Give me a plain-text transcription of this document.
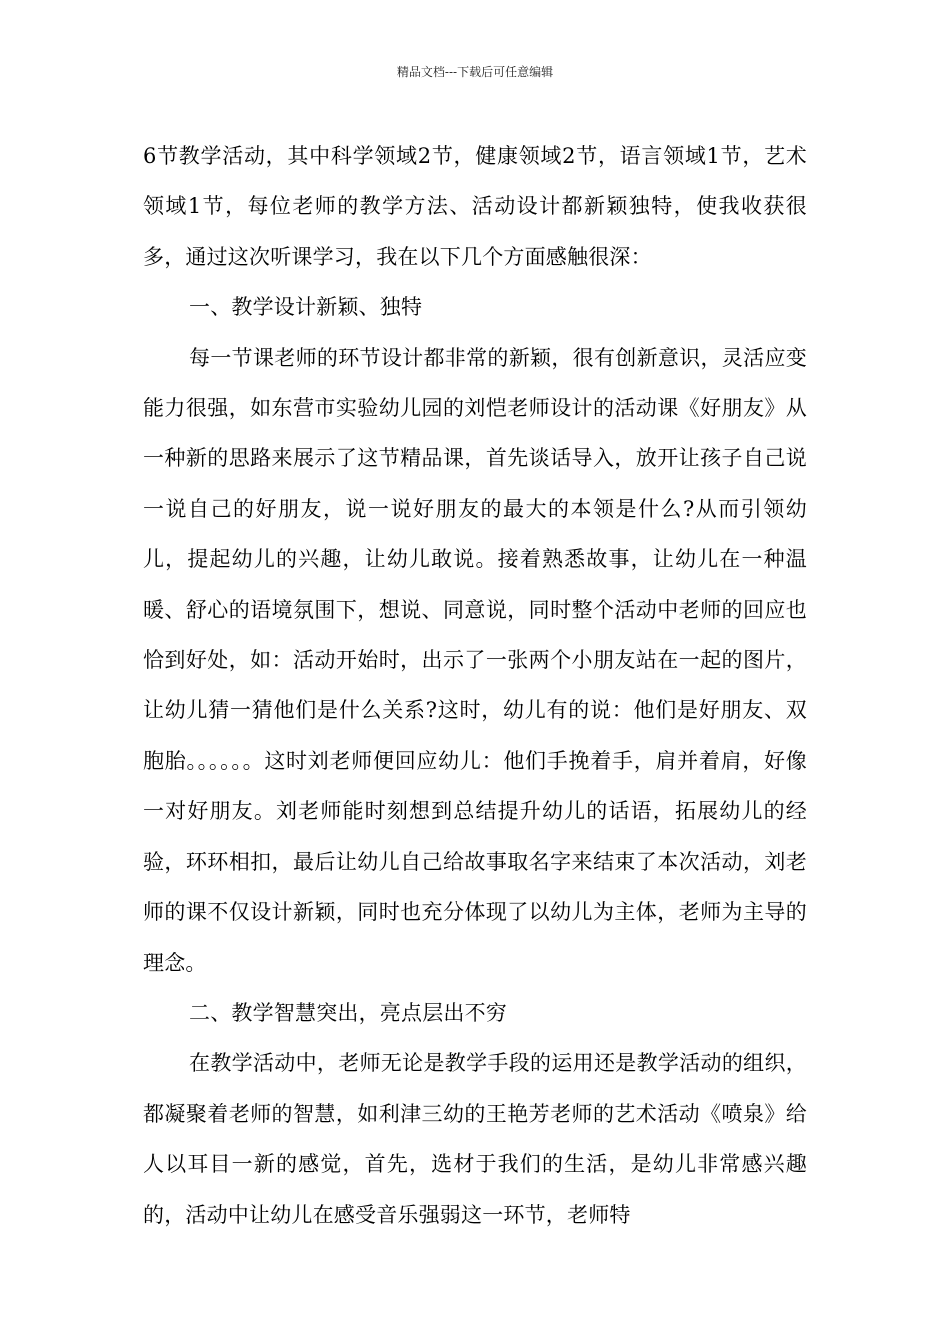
精品文档---下载后可任意编辑

6节教学活动，其中科学领域2节，健康领域2节，语言领域1节，艺术领域1节，每位老师的教学方法、活动设计都新颖独特，使我收获很多，通过这次听课学习，我在以下几个方面感触很深：

一、教学设计新颖、独特

每一节课老师的环节设计都非常的新颖，很有创新意识，灵活应变能力很强，如东营市实验幼儿园的刘恺老师设计的活动课《好朋友》从一种新的思路来展示了这节精品课，首先谈话导入，放开让孩子自己说一说自己的好朋友，说一说好朋友的最大的本领是什么?从而引领幼儿，提起幼儿的兴趣，让幼儿敢说。接着熟悉故事，让幼儿在一种温暖、舒心的语境氛围下，想说、同意说，同时整个活动中老师的回应也恰到好处，如：活动开始时，出示了一张两个小朋友站在一起的图片，让幼儿猜一猜他们是什么关系?这时，幼儿有的说：他们是好朋友、双胞胎。。。。。。这时刘老师便回应幼儿：他们手挽着手，肩并着肩，好像一对好朋友。刘老师能时刻想到总结提升幼儿的话语，拓展幼儿的经验，环环相扣，最后让幼儿自己给故事取名字来结束了本次活动，刘老师的课不仅设计新颖，同时也充分体现了以幼儿为主体，老师为主导的理念。

二、教学智慧突出，亮点层出不穷

在教学活动中，老师无论是教学手段的运用还是教学活动的组织，都凝聚着老师的智慧，如利津三幼的王艳芳老师的艺术活动《喷泉》给人以耳目一新的感觉，首先，选材于我们的生活，是幼儿非常感兴趣的，活动中让幼儿在感受音乐强弱这一环节，老师特
